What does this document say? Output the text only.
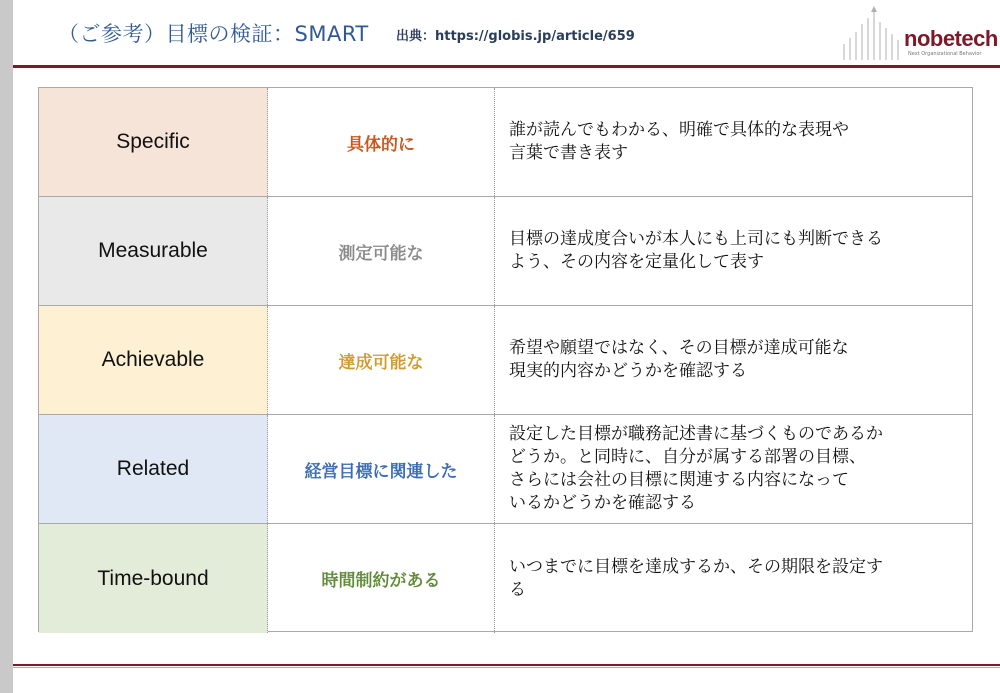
（ご参考）目標の検証：SMART 出典：https://globis.jp/article/659	nobetech
Next Organizational Behavior
Specific	具体的に
誰が読んでもわかる、明確で具体的な表現や
言葉で書き表す
Measurable	測定可能な
目標の達成度合いが本人にも上司にも判断できる
よう、その内容を定量化して表す
Achievable	達成可能な
希望や願望ではなく、その目標が達成可能な
現実的内容かどうかを確認する
Related	経営目標に関連した
設定した目標が職務記述書に基づくものであるか
どうか。と同時に、自分が属する部署の目標、
さらには会社の目標に関連する内容になって
いるかどうかを確認する
Time-bound	時間制約がある
いつまでに目標を達成するか、その期限を設定す
る
